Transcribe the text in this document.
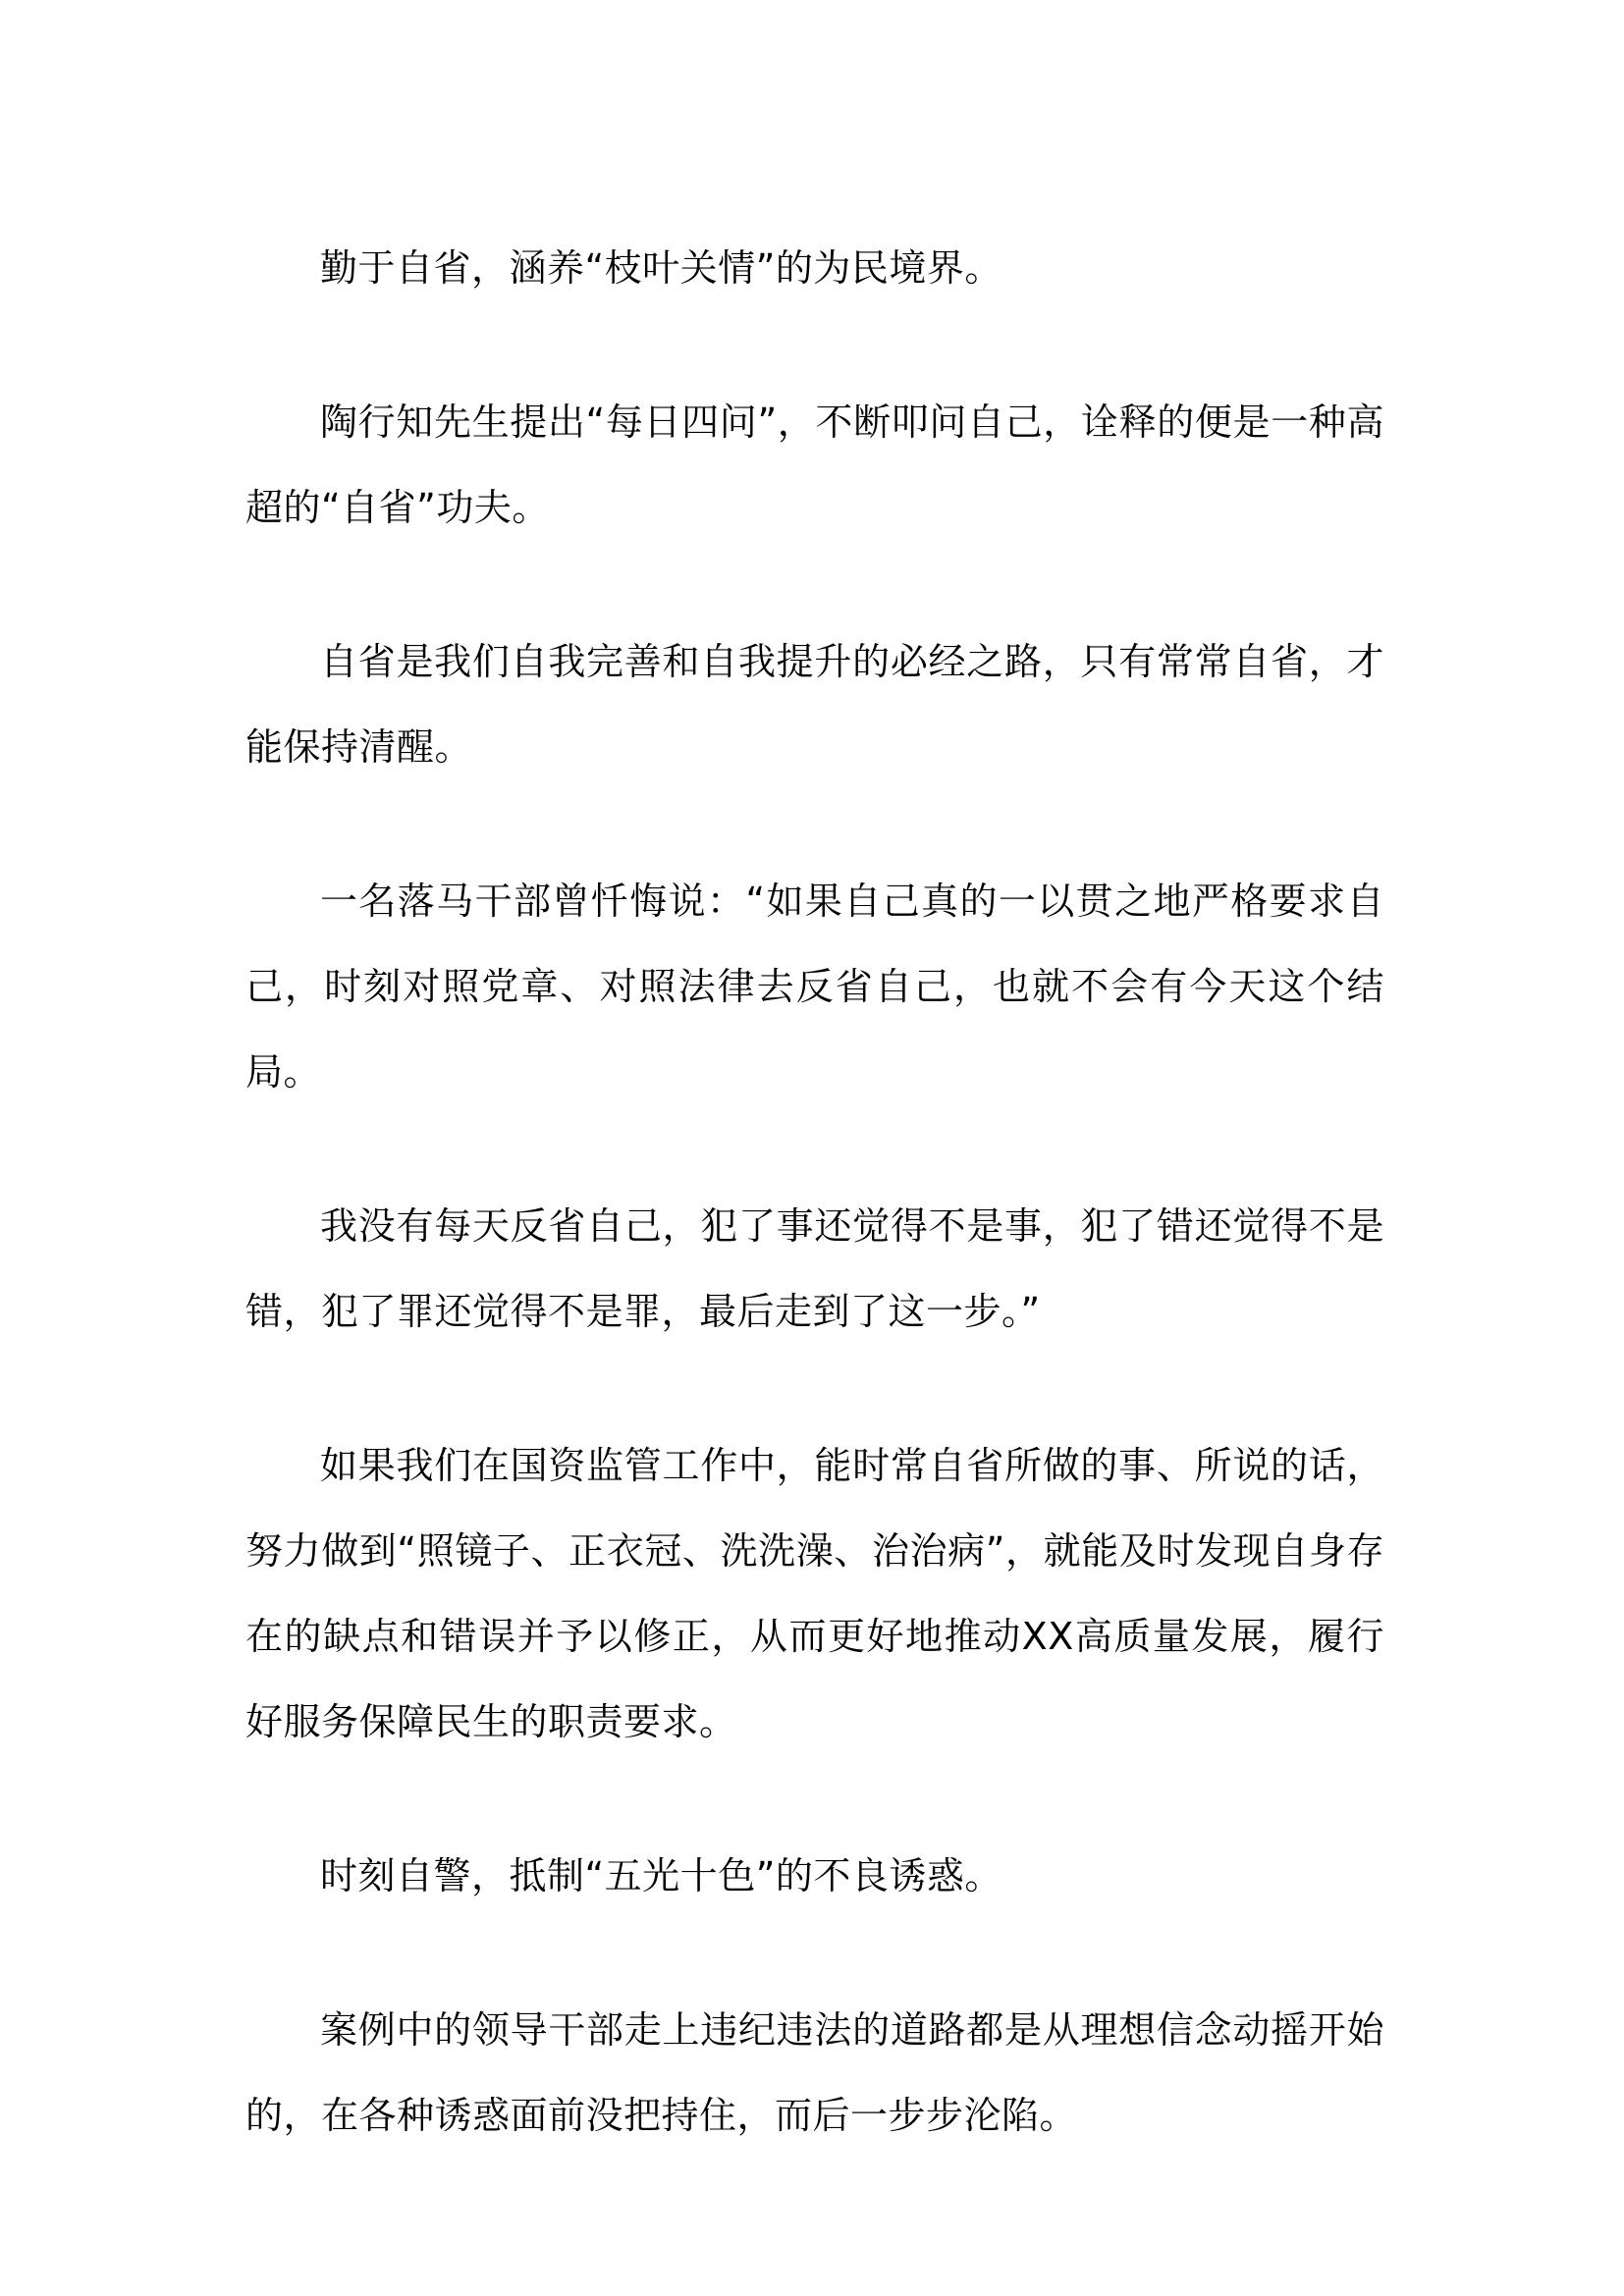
勤于自省，涵养“枝叶关情”的为民境界。

陶行知先生提出“每日四问”，不断叩问自己，诠释的便是一种高超的“自省”功夫。

自省是我们自我完善和自我提升的必经之路，只有常常自省，才能保持清醒。

一名落马干部曾忏悔说：“如果自己真的一以贯之地严格要求自己，时刻对照党章、对照法律去反省自己，也就不会有今天这个结局。

我没有每天反省自己，犯了事还觉得不是事，犯了错还觉得不是错，犯了罪还觉得不是罪，最后走到了这一步。”

如果我们在国资监管工作中，能时常自省所做的事、所说的话，努力做到“照镜子、正衣冠、洗洗澡、治治病”，就能及时发现自身存在的缺点和错误并予以修正，从而更好地推动XX高质量发展，履行好服务保障民生的职责要求。

时刻自警，抵制“五光十色”的不良诱惑。

案例中的领导干部走上违纪违法的道路都是从理想信念动摇开始的，在各种诱惑面前没把持住，而后一步步沦陷。
